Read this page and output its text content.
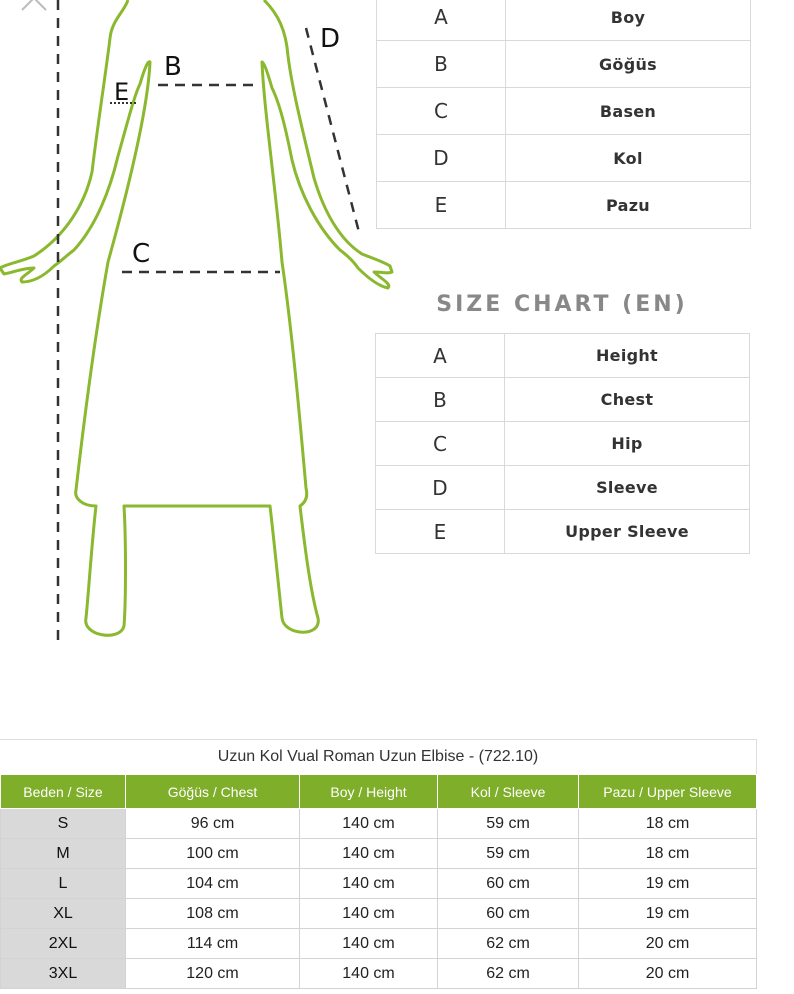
B
C
D
E
A	Boy
B	Göğüs
C	Basen
D	Kol
E	Pazu
SIZE CHART (EN)
A	Height
B	Chest
C	Hip
D	Sleeve
E	Upper Sleeve
Uzun Kol Vual Roman Uzun Elbise - (722.10)
Beden / Size	Göğüs / Chest	Boy / Height	Kol / Sleeve	Pazu / Upper Sleeve
S	96 cm	140 cm	59 cm	18 cm
M	100 cm	140 cm	59 cm	18 cm
L	104 cm	140 cm	60 cm	19 cm
XL	108 cm	140 cm	60 cm	19 cm
2XL	114 cm	140 cm	62 cm	20 cm
3XL	120 cm	140 cm	62 cm	20 cm
